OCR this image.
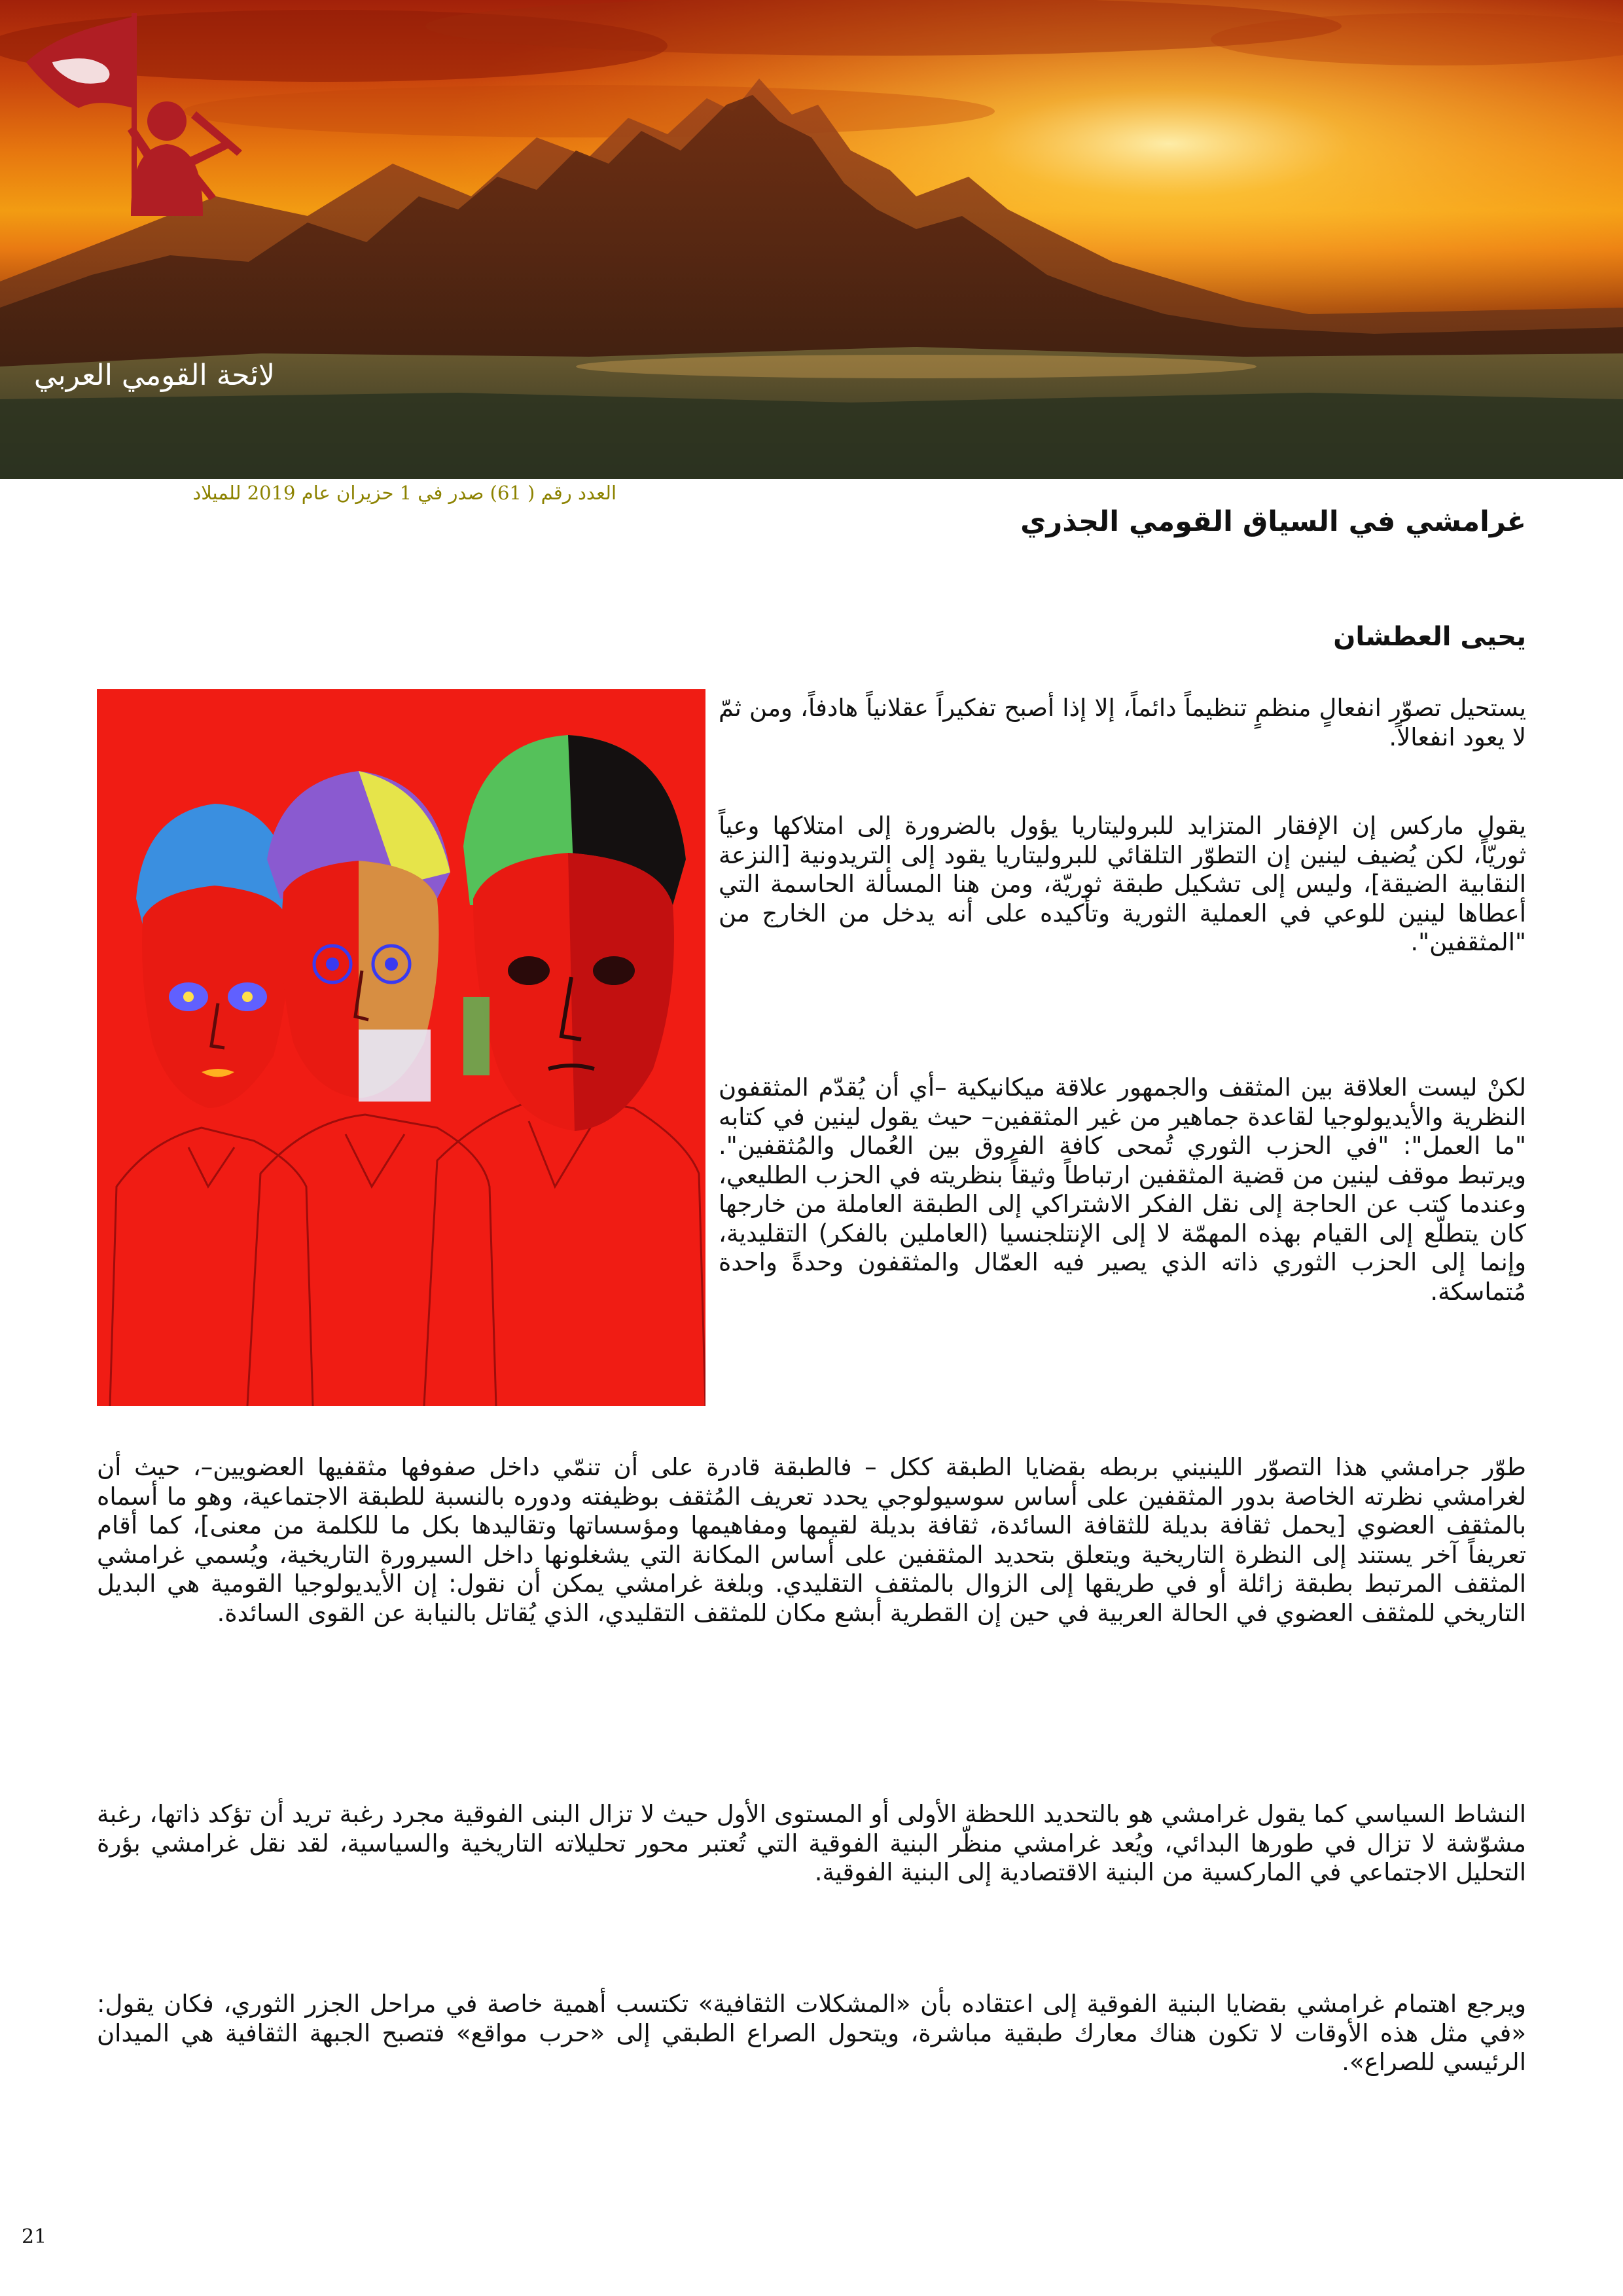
لائحة القومي العربي
العدد رقم ( 61) صدر في 1 حزيران عام 2019 للميلاد
غرامشي في السياق القومي الجذري
يحيى العطشان

يستحيل تصوّر انفعالٍ منظمٍ تنظيماً دائماً، إلا إذا أصبح تفكيراً عقلانياً هادفاً، ومن ثمّ لا يعود انفعالاً.

يقول ماركس إن الإفقار المتزايد للبروليتاريا يؤول بالضرورة إلى امتلاكها وعياً ثوريّاً، لكن يُضيف لينين إن التطوّر التلقائي للبروليتاريا يقود إلى التريدونية [النزعة النقابية الضيقة]، وليس إلى تشكيل طبقة ثوريّة، ومن هنا المسألة الحاسمة التي أعطاها لينين للوعي في العملية الثورية وتأكيده على أنه يدخل من الخارج من "المثقفين".

لكنْ ليست العلاقة بين المثقف والجمهور علاقة ميكانيكية –أي أن يُقدّم المثقفون النظرية والأيديولوجيا لقاعدة جماهير من غير المثقفين– حيث يقول لينين في كتابه "ما العمل": "في الحزب الثوري تُمحى كافة الفروق بين العُمال والمُثقفين". ويرتبط موقف لينين من قضية المثقفين ارتباطاً وثيقاً بنظريته في الحزب الطليعي، وعندما كتب عن الحاجة إلى نقل الفكر الاشتراكي إلى الطبقة العاملة من خارجها كان يتطلّع إلى القيام بهذه المهمّة لا إلى الإنتلجنسيا (العاملين بالفكر) التقليدية، وإنما إلى الحزب الثوري ذاته الذي يصير فيه العمّال والمثقفون وحدةً واحدة مُتماسكة.

طوّر جرامشي هذا التصوّر اللينيني بربطه بقضايا الطبقة ككل – فالطبقة قادرة على أن تنمّي داخل صفوفها مثقفيها العضويين–، حيث أن لغرامشي نظرته الخاصة بدور المثقفين على أساس سوسيولوجي يحدد تعريف المُثقف بوظيفته ودوره بالنسبة للطبقة الاجتماعية، وهو ما أسماه بالمثقف العضوي [يحمل ثقافة بديلة للثقافة السائدة، ثقافة بديلة لقيمها ومفاهيمها ومؤسساتها وتقاليدها بكل ما للكلمة من معنى]، كما أقام تعريفاً آخر يستند إلى النظرة التاريخية ويتعلق بتحديد المثقفين على أساس المكانة التي يشغلونها داخل السيرورة التاريخية، ويُسمي غرامشي المثقف المرتبط بطبقة زائلة أو في طريقها إلى الزوال بالمثقف التقليدي. وبلغة غرامشي يمكن أن نقول: إن الأيديولوجيا القومية هي البديل التاريخي للمثقف العضوي في الحالة العربية في حين إن القطرية أبشع مكان للمثقف التقليدي، الذي يُقاتل بالنيابة عن القوى السائدة.

النشاط السياسي كما يقول غرامشي هو بالتحديد اللحظة الأولى أو المستوى الأول حيث لا تزال البنى الفوقية مجرد رغبة تريد أن تؤكد ذاتها، رغبة مشوّشة لا تزال في طورها البدائي، ويُعد غرامشي منظّر البنية الفوقية التي تُعتبر محور تحليلاته التاريخية والسياسية، لقد نقل غرامشي بؤرة التحليل الاجتماعي في الماركسية من البنية الاقتصادية إلى البنية الفوقية.

ويرجع اهتمام غرامشي بقضايا البنية الفوقية إلى اعتقاده بأن «المشكلات الثقافية» تكتسب أهمية خاصة في مراحل الجزر الثوري، فكان يقول: «في مثل هذه الأوقات لا تكون هناك معارك طبقية مباشرة، ويتحول الصراع الطبقي إلى «حرب مواقع» فتصبح الجبهة الثقافية هي الميدان الرئيسي للصراع».

21
